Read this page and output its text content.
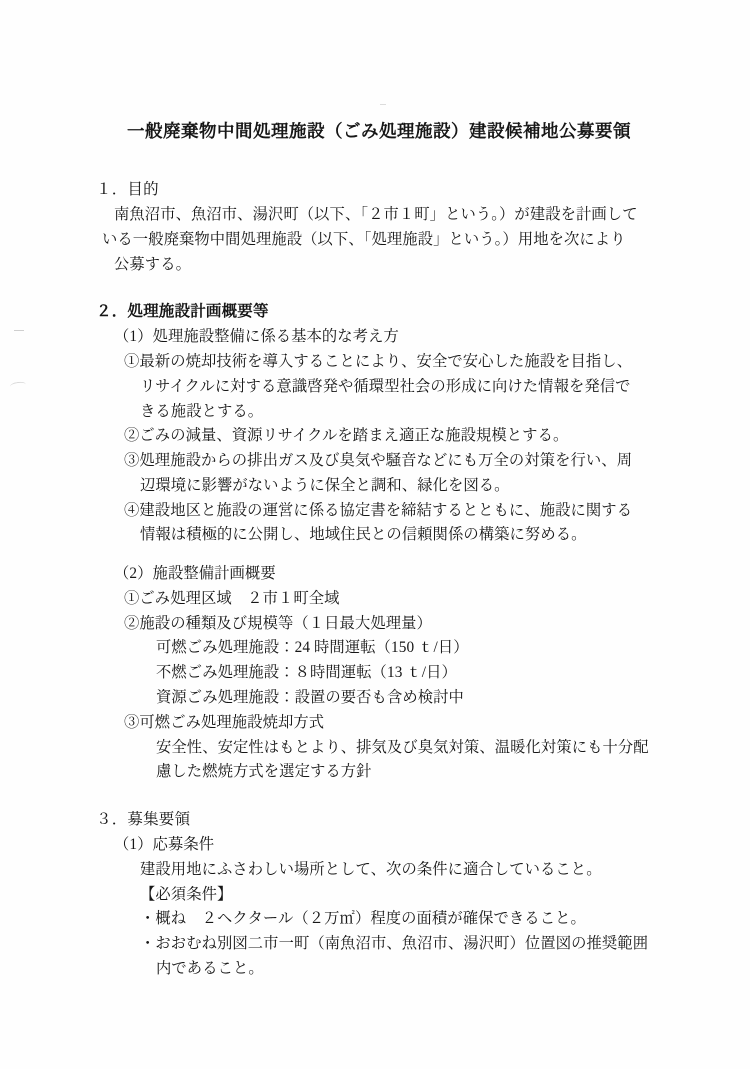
一般廃棄物中間処理施設（ごみ処理施設）建設候補地公募要領
１．目的
南魚沼市、魚沼市、湯沢町（以下、「２市１町」という。）が建設を計画して
いる一般廃棄物中間処理施設（以下、「処理施設」という。）用地を次により
公募する。
２．処理施設計画概要等
（1）処理施設整備に係る基本的な考え方
①最新の焼却技術を導入することにより、安全で安心した施設を目指し、
リサイクルに対する意識啓発や循環型社会の形成に向けた情報を発信で
きる施設とする。
②ごみの減量、資源リサイクルを踏まえ適正な施設規模とする。
③処理施設からの排出ガス及び臭気や騒音などにも万全の対策を行い、周
辺環境に影響がないように保全と調和、緑化を図る。
④建設地区と施設の運営に係る協定書を締結するとともに、施設に関する
情報は積極的に公開し、地域住民との信頼関係の構築に努める。
（2）施設整備計画概要
①ごみ処理区域　２市１町全域
②施設の種類及び規模等（１日最大処理量）
可燃ごみ処理施設：24 時間運転（150 ｔ/日）
不燃ごみ処理施設：８時間運転（13 ｔ/日）
資源ごみ処理施設：設置の要否も含め検討中
③可燃ごみ処理施設焼却方式
安全性、安定性はもとより、排気及び臭気対策、温暖化対策にも十分配
慮した燃焼方式を選定する方針
３．募集要領
（1）応募条件
建設用地にふさわしい場所として、次の条件に適合していること。
【必須条件】
・概ね　２ヘクタール（２万㎡）程度の面積が確保できること。
・おおむね別図二市一町（南魚沼市、魚沼市、湯沢町）位置図の推奨範囲
内であること。
